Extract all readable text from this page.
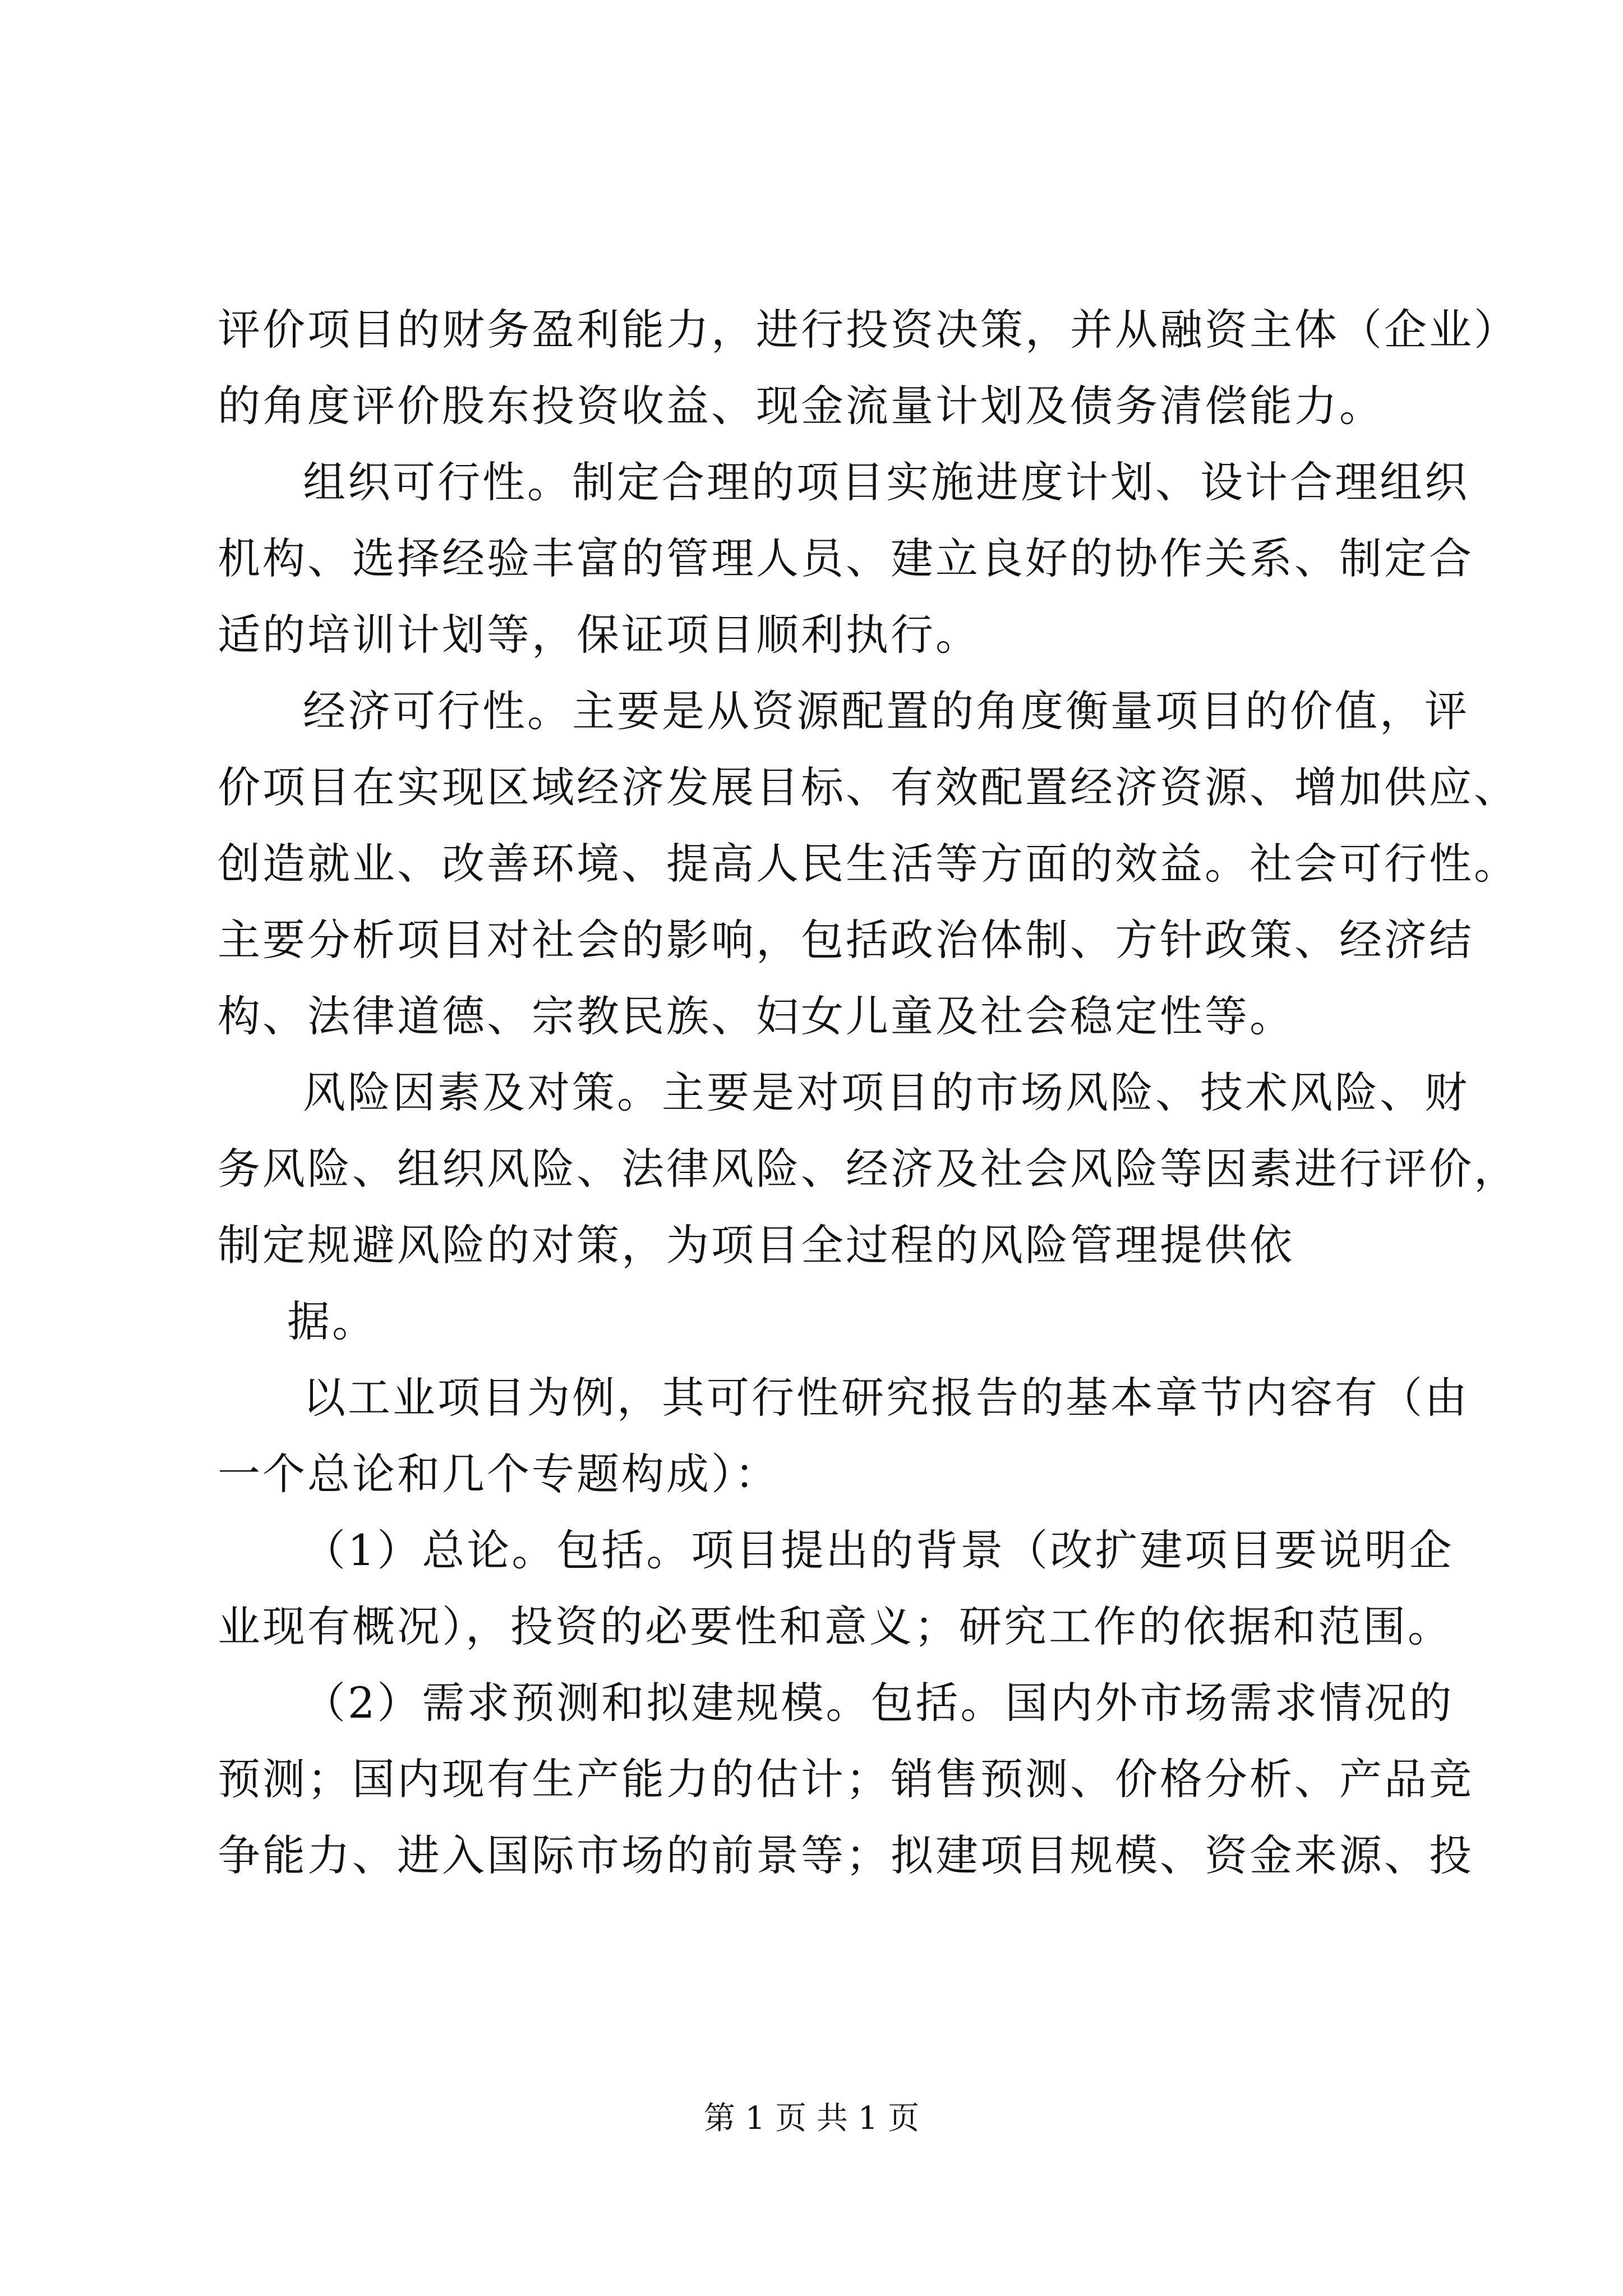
评价项目的财务盈利能力，进行投资决策，并从融资主体（企业）
的角度评价股东投资收益、现金流量计划及债务清偿能力。
组织可行性。制定合理的项目实施进度计划、设计合理组织
机构、选择经验丰富的管理人员、建立良好的协作关系、制定合
适的培训计划等，保证项目顺利执行。
经济可行性。主要是从资源配置的角度衡量项目的价值，评
价项目在实现区域经济发展目标、有效配置经济资源、增加供应、
创造就业、改善环境、提高人民生活等方面的效益。社会可行性。
主要分析项目对社会的影响，包括政治体制、方针政策、经济结
构、法律道德、宗教民族、妇女儿童及社会稳定性等。
风险因素及对策。主要是对项目的市场风险、技术风险、财
务风险、组织风险、法律风险、经济及社会风险等因素进行评价，
制定规避风险的对策，为项目全过程的风险管理提供依
据。
以工业项目为例，其可行性研究报告的基本章节内容有（由
一个总论和几个专题构成）：
（1）总论。包括。项目提出的背景（改扩建项目要说明企
业现有概况），投资的必要性和意义；研究工作的依据和范围。
（2）需求预测和拟建规模。包括。国内外市场需求情况的
预测；国内现有生产能力的估计；销售预测、价格分析、产品竞
争能力、进入国际市场的前景等；拟建项目规模、资金来源、投
第 1 页 共 1 页
